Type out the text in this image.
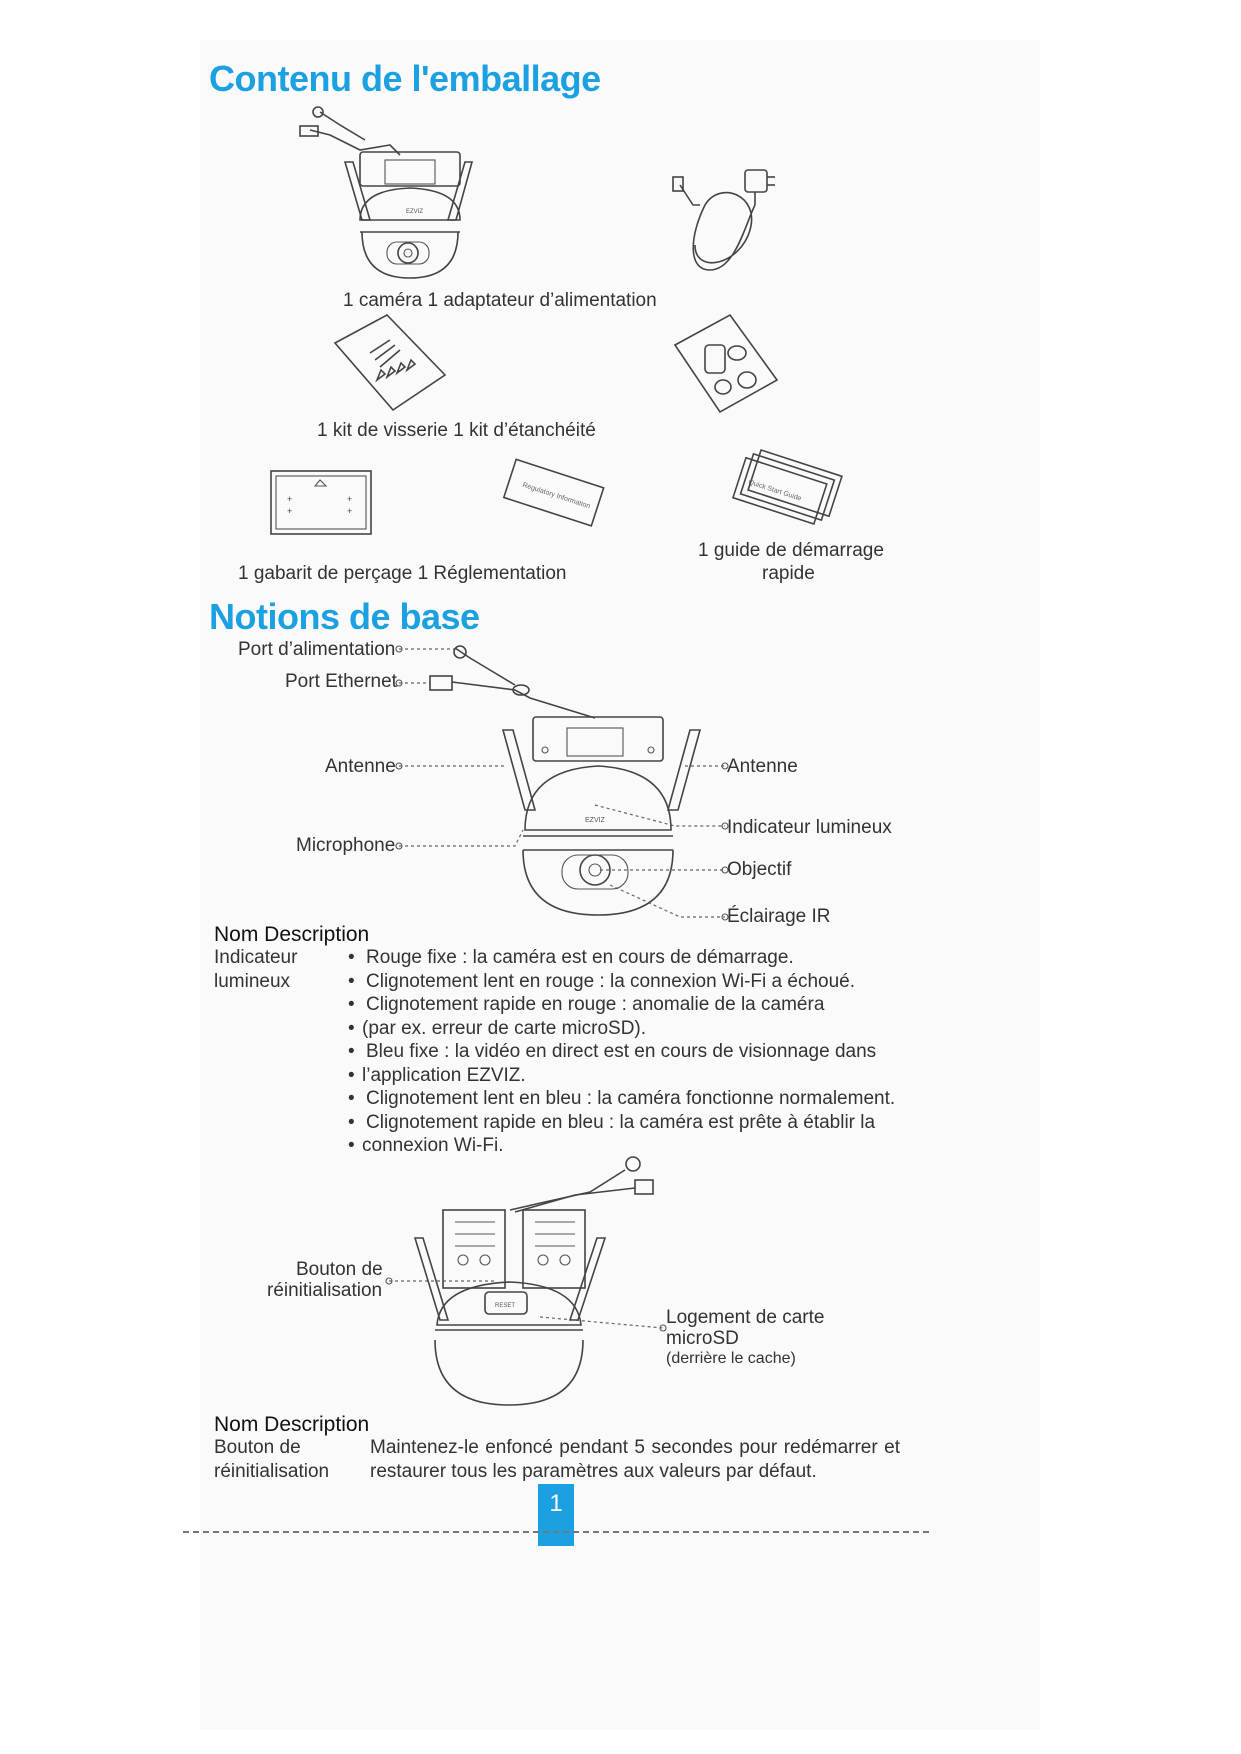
Contenu de l'emballage
EZVIZ
1 caméra 1 adaptateur d’alimentation
1 kit de visserie 1 kit d’étanchéité
+
+
+
+
Regulatory Information	Quick Start Guide
1 guide de démarrage
rapide
1 gabarit de perçage 1 Réglementation
Notions de base
Port d’alimentation
Port Ethernet
Antenne
Microphone
Antenne
Indicateur lumineux
Objectif
Éclairage IR
EZVIZ
Nom Description
Indicateur
lumineux
• Rouge fixe : la caméra est en cours de démarrage.
• Clignotement lent en rouge : la connexion Wi-Fi a échoué.
• Clignotement rapide en rouge : anomalie de la caméra
• (par ex. erreur de carte microSD).
• Bleu fixe : la vidéo en direct est en cours de visionnage dans
• l’application EZVIZ.
• Clignotement lent en bleu : la caméra fonctionne normalement.
• Clignotement rapide en bleu : la caméra est prête à établir la
• connexion Wi-Fi.
Bouton de
réinitialisation
Logement de carte
microSD
(derrière le cache)
RESET
Nom Description
Bouton de
réinitialisation
Maintenez-le enfoncé pendant 5 secondes pour redémarrer et
restaurer tous les paramètres aux valeurs par défaut.
1
